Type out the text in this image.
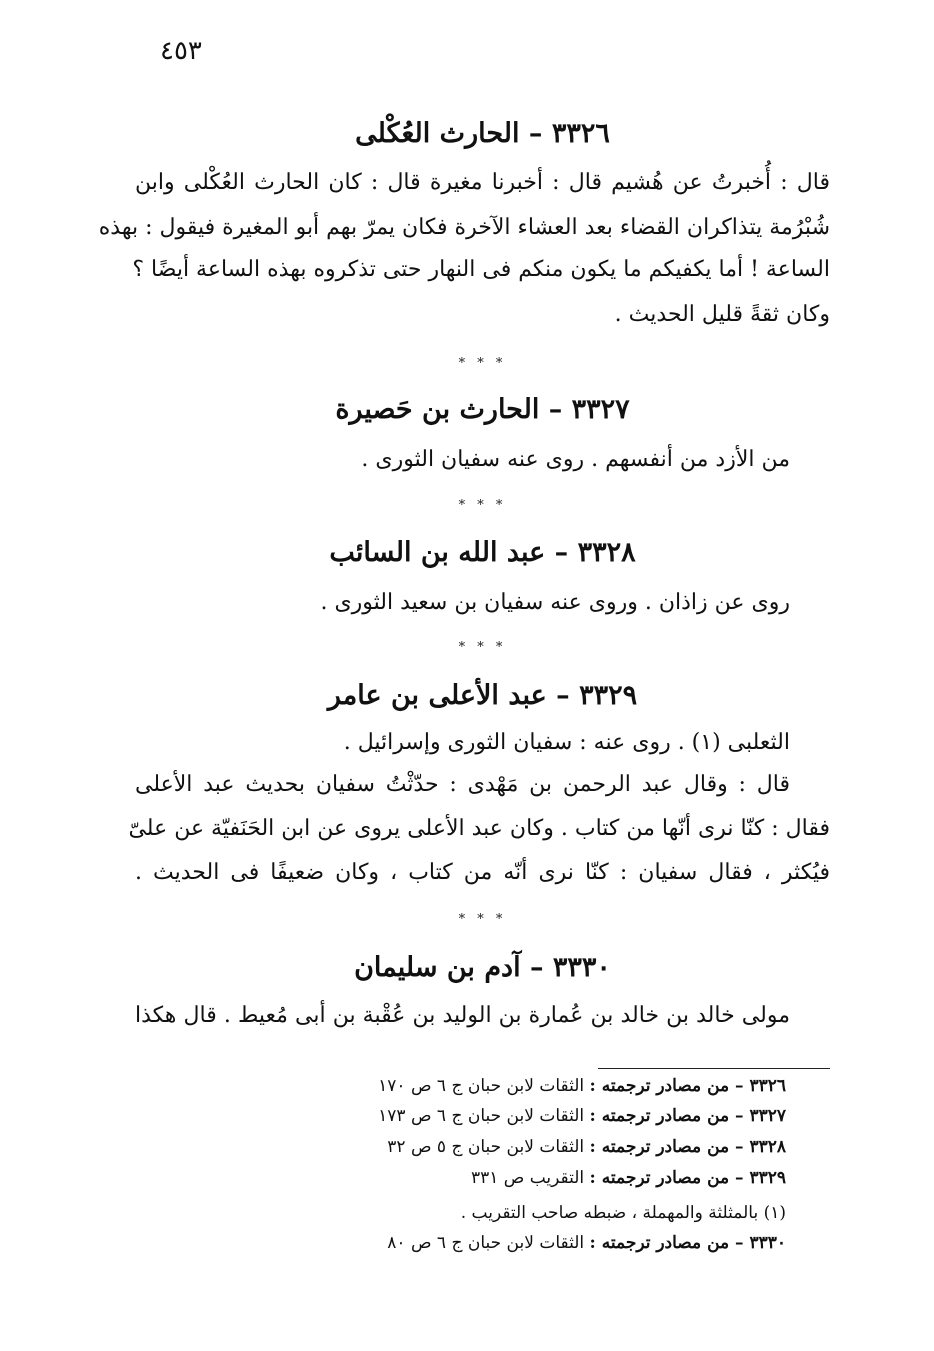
٤٥٣
٣٣٢٦ – الحارث العُكْلى
قال : أُخبرتُ عن هُشيم قال : أخبرنا مغيرة قال : كان الحارث العُكْلى وابن
شُبْرُمة يتذاكران القضاء بعد العشاء الآخرة فكان يمرّ بهم أبو المغيرة فيقول : بهذه
الساعة ! أما يكفيكم ما يكون منكم فى النهار حتى تذكروه بهذه الساعة أيضًا ؟
وكان ثقةً قليل الحديث .
* * *
٣٣٢٧ – الحارث بن حَصيرة
من الأزد من أنفسهم . روى عنه سفيان الثورى .
* * *
٣٣٢٨ – عبد الله بن السائب
روى عن زاذان . وروى عنه سفيان بن سعيد الثورى .
* * *
٣٣٢٩ – عبد الأعلى بن عامر
الثعلبى (١) . روى عنه : سفيان الثورى وإسرائيل .
قال : وقال عبد الرحمن بن مَهْدى : حدّثْتُ سفيان بحديث عبد الأعلى
فقال : كنّا نرى أنّها من كتاب . وكان عبد الأعلى يروى عن ابن الحَنَفيّة عن علىّ
فيُكثر ، فقال سفيان : كنّا نرى أنّه من كتاب ، وكان ضعيفًا فى الحديث .
* * *
٣٣٣٠ – آدم بن سليمان
مولى خالد بن خالد بن عُمارة بن الوليد بن عُقْبة بن أبى مُعيط . قال هكذا
٣٣٢٦ – من مصادر ترجمته : الثقات لابن حبان ج ٦ ص ١٧٠
٣٣٢٧ – من مصادر ترجمته : الثقات لابن حبان ج ٦ ص ١٧٣
٣٣٢٨ – من مصادر ترجمته : الثقات لابن حبان ج ٥ ص ٣٢
٣٣٢٩ – من مصادر ترجمته : التقريب ص ٣٣١
(١) بالمثلثة والمهملة ، ضبطه صاحب التقريب .
٣٣٣٠ – من مصادر ترجمته : الثقات لابن حبان ج ٦ ص ٨٠
